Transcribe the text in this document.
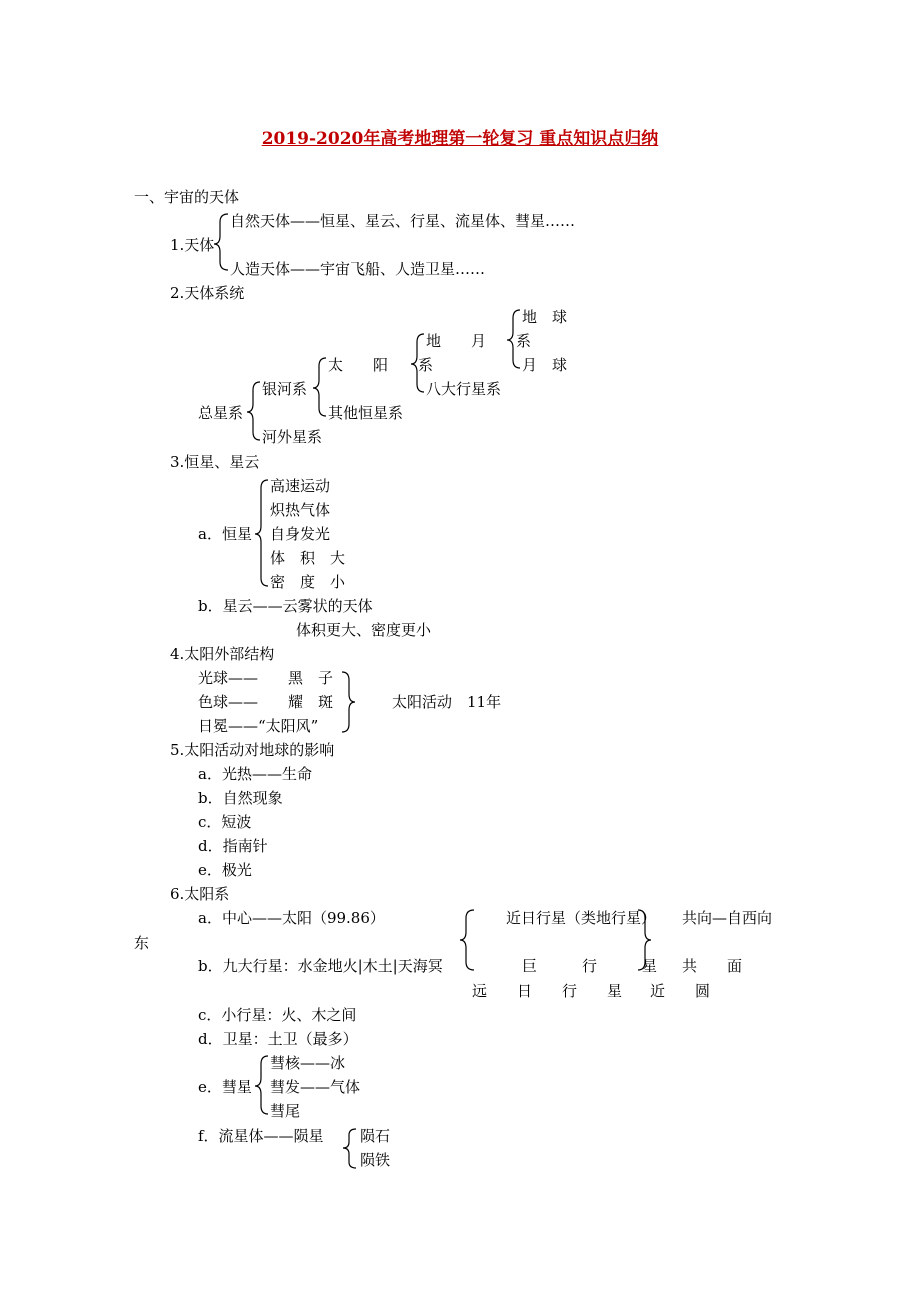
2019-2020年高考地理第一轮复习 重点知识点归纳
一、宇宙的天体
1.天体
自然天体——恒星、星云、行星、流星体、彗星……
人造天体——宇宙飞船、人造卫星……
2.天体系统
总星系
银河系
河外星系
太　　阳　　系
其他恒星系
地　　月　　系
八大行星系
地　球
月　球
3.恒星、星云
a．恒星
高速运动
炽热气体
自身发光
体　积　大
密　度　小
b．星云——云雾状的天体
体积更大、密度更小
4.太阳外部结构
光球——　　黑　子
色球——　　耀　斑
日冕——“太阳风”
太阳活动　11年
5.太阳活动对地球的影响
a．光热——生命
b．自然现象
c．短波
d．指南针
e．极光
6.太阳系
a．中心——太阳（99.86）	近日行星（类地行星） 共向—自西向
东
b．九大行星：水金地火|木土|天海冥	巨　　　行　　　星 共　　面
远　　日　　行　　星 近　　圆
c．小行星：火、木之间
d．卫星：土卫（最多）
e．彗星
彗核——冰
彗发——气体
彗尾
f．流星体——陨星 陨石
陨铁
